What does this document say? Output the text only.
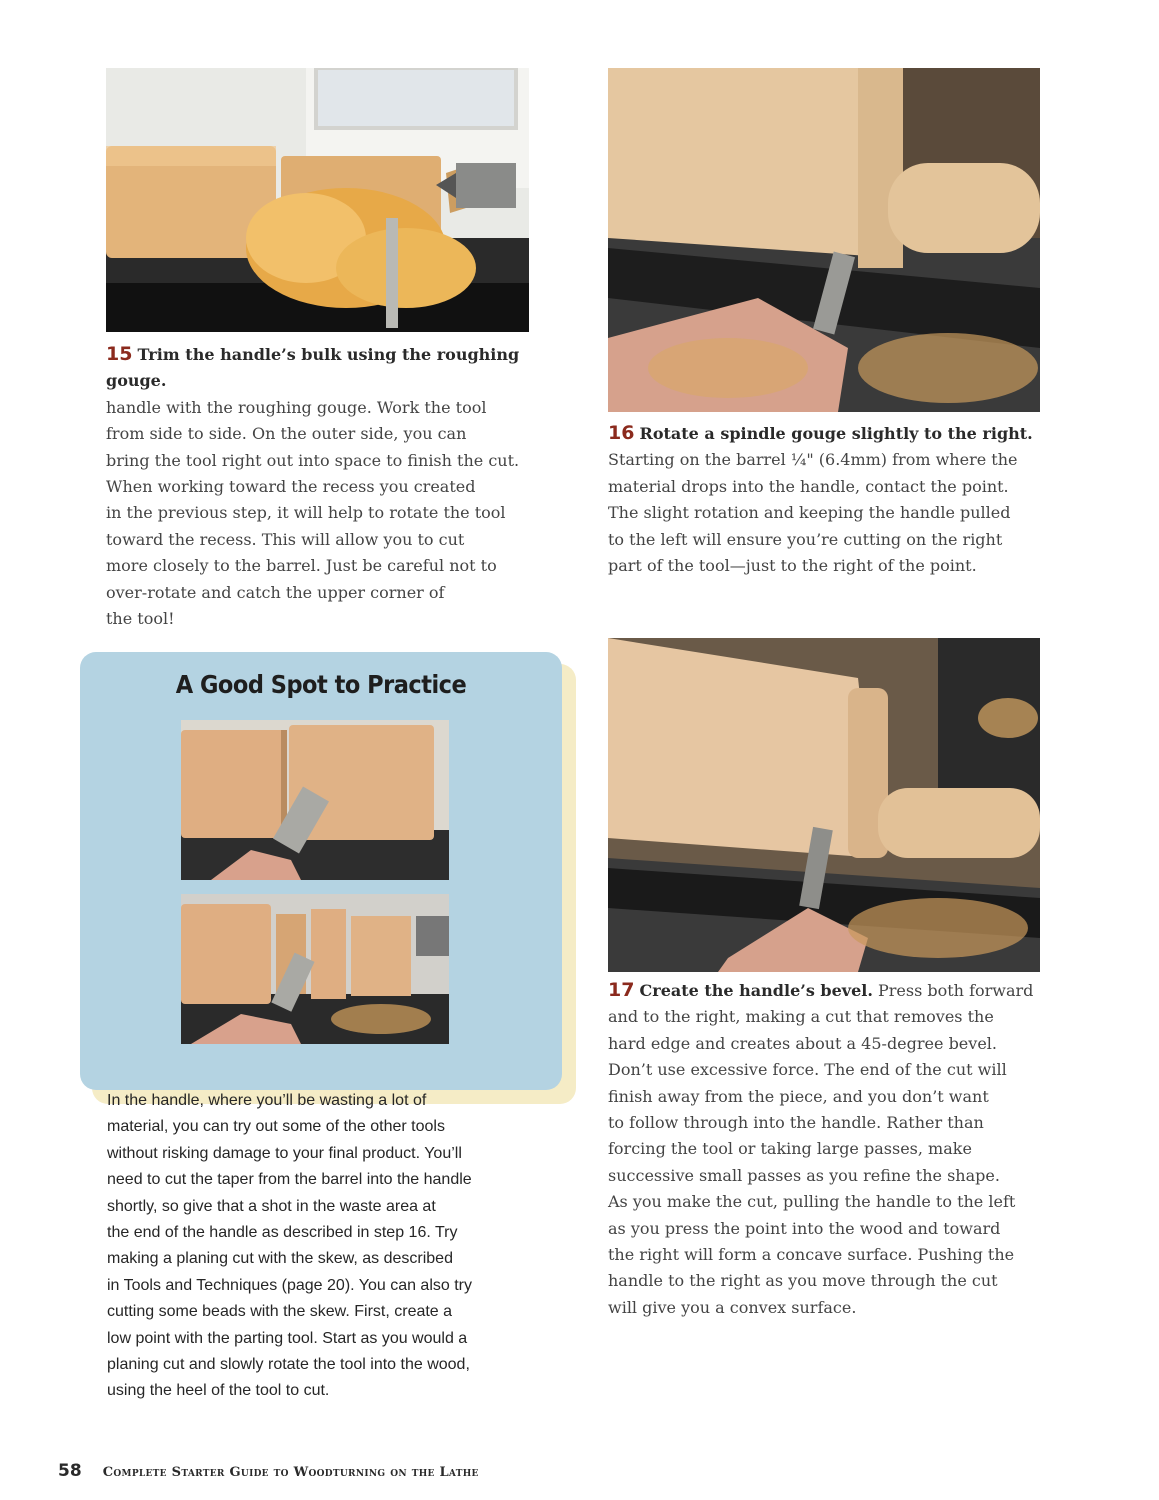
15 Trim the handle’s bulk using the roughing gouge.
handle with the roughing gouge. Work the tool
from side to side. On the outer side, you can
bring the tool right out into space to finish the cut.
When working toward the recess you created
in the previous step, it will help to rotate the tool
toward the recess. This will allow you to cut
more closely to the barrel. Just be careful not to
over-rotate and catch the upper corner of
the tool!
16 Rotate a spindle gouge slightly to the right.
Starting on the barrel ¼" (6.4mm) from where the
material drops into the handle, contact the point.
The slight rotation and keeping the handle pulled
to the left will ensure you’re cutting on the right
part of the tool—just to the right of the point.
17 Create the handle’s bevel. Press both forward
and to the right, making a cut that removes the
hard edge and creates about a 45-degree bevel.
Don’t use excessive force. The end of the cut will
finish away from the piece, and you don’t want
to follow through into the handle. Rather than
forcing the tool or taking large passes, make
successive small passes as you refine the shape.
As you make the cut, pulling the handle to the left
as you press the point into the wood and toward
the right will form a concave surface. Pushing the
handle to the right as you move through the cut
will give you a convex surface.
A Good Spot to Practice
In the handle, where you’ll be wasting a lot of
material, you can try out some of the other tools
without risking damage to your final product. You’ll
need to cut the taper from the barrel into the handle
shortly, so give that a shot in the waste area at
the end of the handle as described in step 16. Try
making a planing cut with the skew, as described
in Tools and Techniques (page 20). You can also try
cutting some beads with the skew. First, create a
low point with the parting tool. Start as you would a
planing cut and slowly rotate the tool into the wood,
using the heel of the tool to cut.
58 Complete Starter Guide to Woodturning on the Lathe
